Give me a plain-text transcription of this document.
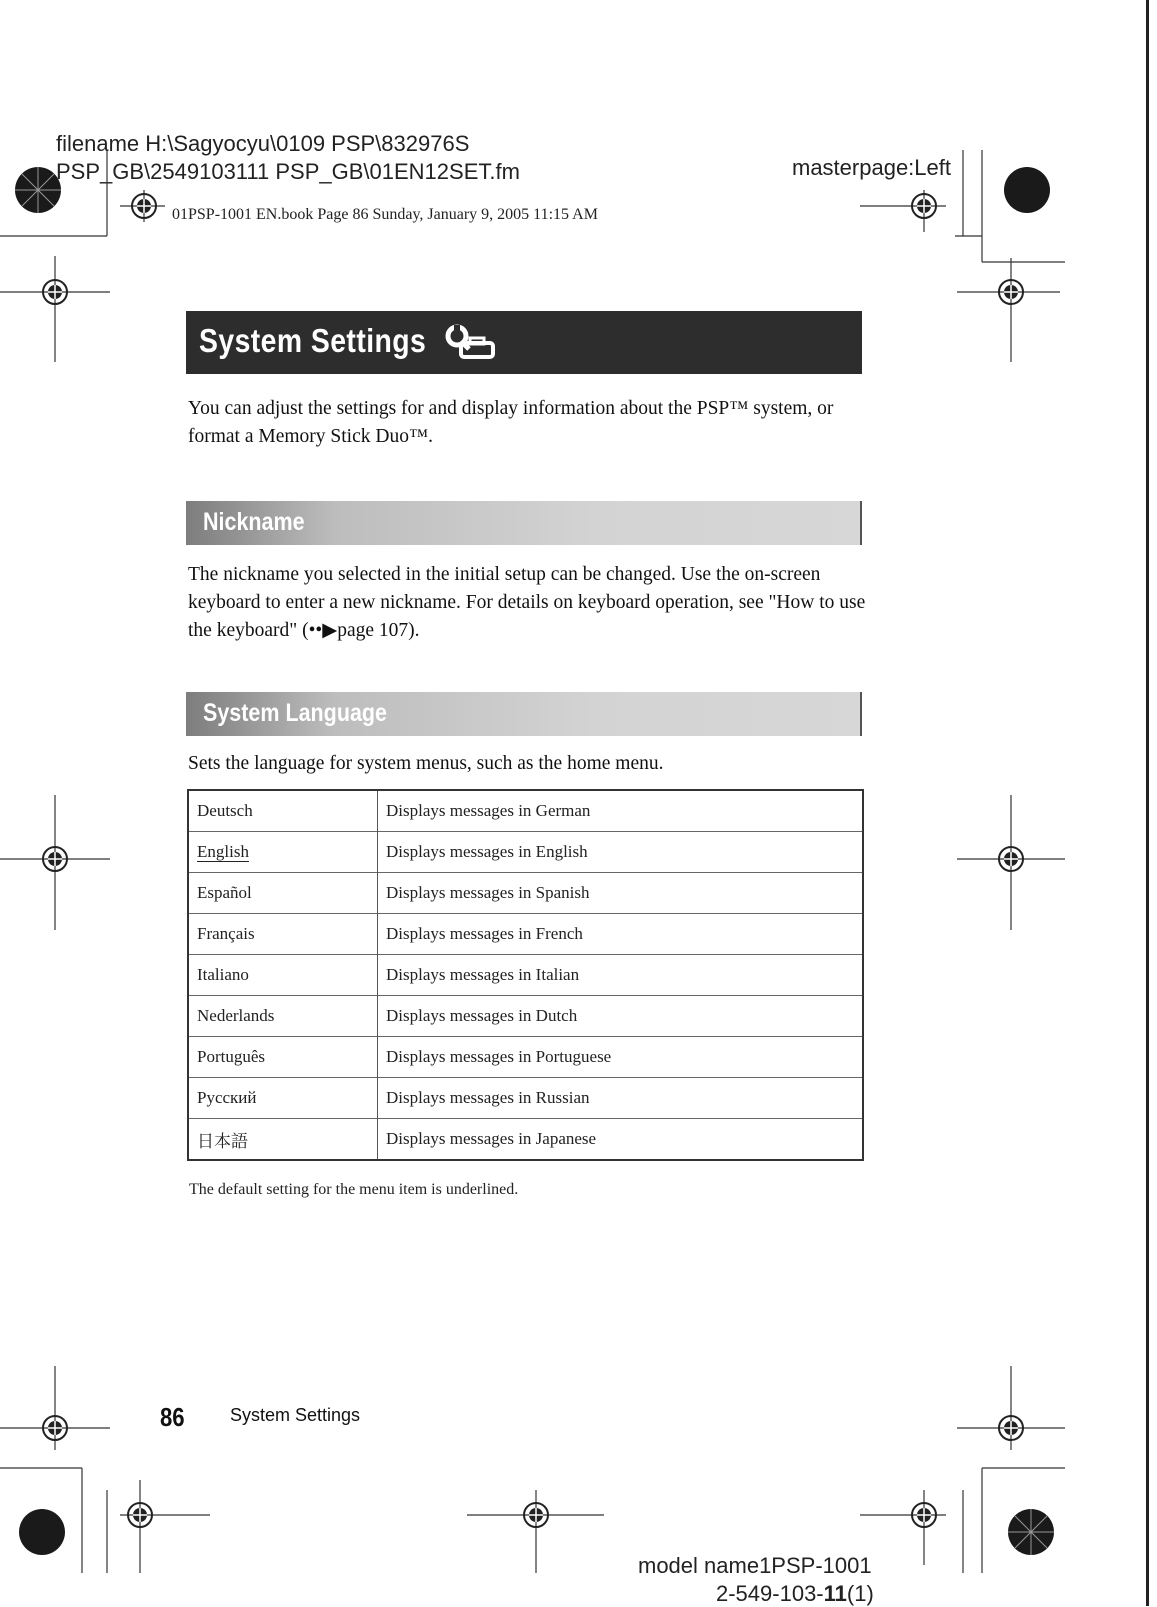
filename H:\Sagyocyu\0109 PSP\832976S
PSP_GB\2549103111 PSP_GB\01EN12SET.fm	masterpage:Left
01PSP-1001 EN.book Page 86 Sunday, January 9, 2005 11:15 AM
System Settings
You can adjust the settings for and display information about the PSP™ system, or format a Memory Stick Duo™.
Nickname
The nickname you selected in the initial setup can be changed. Use the on-screen keyboard to enter a new nickname. For details on keyboard operation, see "How to use the keyboard" (••▶page 107).
System Language
Sets the language for system menus, such as the home menu.
Deutsch	Displays messages in German
English	Displays messages in English
Español	Displays messages in Spanish
Français	Displays messages in French
Italiano	Displays messages in Italian
Nederlands	Displays messages in Dutch
Português	Displays messages in Portuguese
Русский	Displays messages in Russian
日本語	Displays messages in Japanese
The default setting for the menu item is underlined.
86	System Settings
model name1PSP-1001
2-549-103-11(1)
